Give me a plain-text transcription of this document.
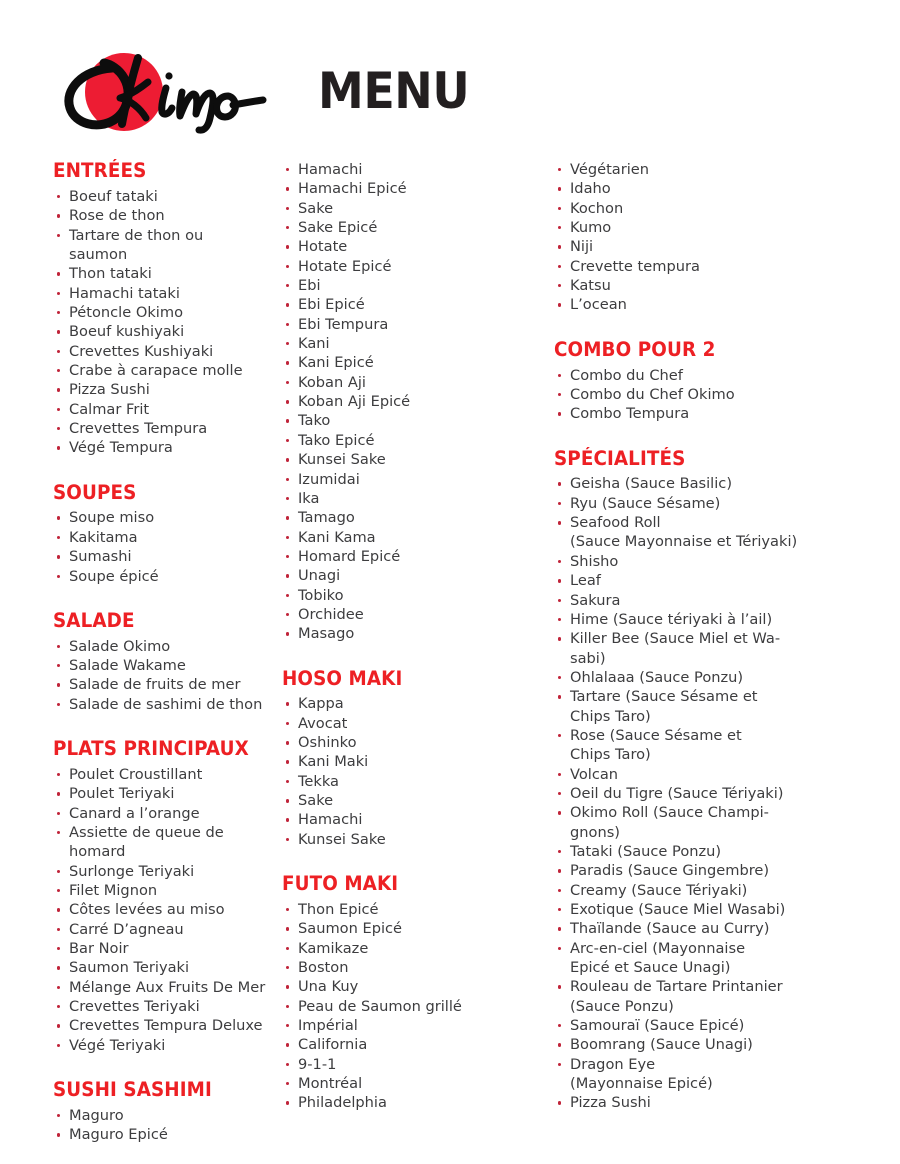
MENU
ENTRÉES
Boeuf tataki
Rose de thon
Tartare de thon ou saumon
Thon tataki
Hamachi tataki
Pétoncle Okimo
Boeuf kushiyaki
Crevettes Kushiyaki
Crabe à carapace molle
Pizza Sushi
Calmar Frit
Crevettes Tempura
Végé Tempura
SOUPES
Soupe miso
Kakitama
Sumashi
Soupe épicé
SALADE
Salade Okimo
Salade Wakame
Salade de fruits de mer
Salade de sashimi de thon
PLATS PRINCIPAUX
Poulet Croustillant
Poulet Teriyaki
Canard a l’orange
Assiette de queue de homard
Surlonge Teriyaki
Filet Mignon
Côtes levées au miso
Carré D’agneau
Bar Noir
Saumon Teriyaki
Mélange Aux Fruits De Mer
Crevettes Teriyaki
Crevettes Tempura Deluxe
Végé Teriyaki
SUSHI SASHIMI
Maguro
Maguro Epicé
Hamachi
Hamachi Epicé
Sake
Sake Epicé
Hotate
Hotate Epicé
Ebi
Ebi Epicé
Ebi Tempura
Kani
Kani Epicé
Koban Aji
Koban Aji Epicé
Tako
Tako Epicé
Kunsei Sake
Izumidai
Ika
Tamago
Kani Kama
Homard Epicé
Unagi
Tobiko
Orchidee
Masago
HOSO MAKI
Kappa
Avocat
Oshinko
Kani Maki
Tekka
Sake
Hamachi
Kunsei Sake
FUTO MAKI
Thon Epicé
Saumon Epicé
Kamikaze
Boston
Una Kuy
Peau de Saumon grillé
Impérial
California
9-1-1
Montréal
Philadelphia
Végétarien
Idaho
Kochon
Kumo
Niji
Crevette tempura
Katsu
L’ocean
COMBO POUR 2
Combo du Chef
Combo du Chef Okimo
Combo Tempura
SPÉCIALITÉS
Geisha (Sauce Basilic)
Ryu (Sauce Sésame)
Seafood Roll
(Sauce Mayonnaise et Tériyaki)
Shisho
Leaf
Sakura
Hime (Sauce tériyaki à l’ail)
Killer Bee (Sauce Miel et Wa-
sabi)
Ohlalaaa (Sauce Ponzu)
Tartare (Sauce Sésame et
Chips Taro)
Rose (Sauce Sésame et
Chips Taro)
Volcan
Oeil du Tigre (Sauce Tériyaki)
Okimo Roll (Sauce Champi-
gnons)
Tataki (Sauce Ponzu)
Paradis (Sauce Gingembre)
Creamy (Sauce Tériyaki)
Exotique (Sauce Miel Wasabi)
Thaïlande (Sauce au Curry)
Arc-en-ciel (Mayonnaise
Epicé et Sauce Unagi)
Rouleau de Tartare Printanier
(Sauce Ponzu)
Samouraï (Sauce Epicé)
Boomrang (Sauce Unagi)
Dragon Eye
(Mayonnaise Epicé)
Pizza Sushi
